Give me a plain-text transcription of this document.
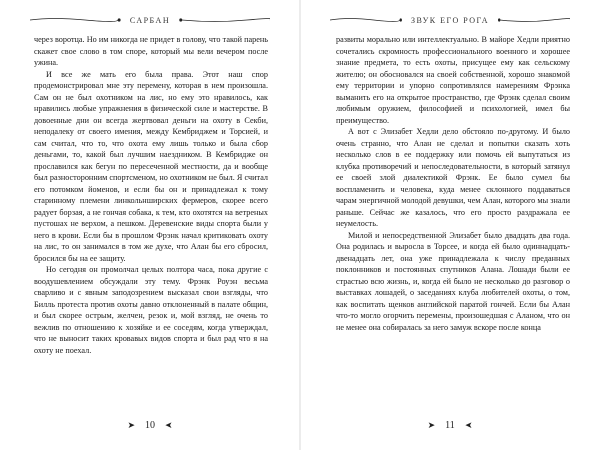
САРБАН

через воротца. Но им никогда не придет в голову, что такой парень скажет свое слово в том споре, который мы вели вечером после ужина.

И все же мать его была права. Этот наш спор продемонстрировал мне эту перемену, которая в нем произошла. Сам он не был охотником на лис, но ему это нравилось, как нравились любые упражнения в физической силе и мастерстве. В довоенные дни он всегда жертвовал деньги на охоту в Секби, неподалеку от своего имения, между Кембриджем и Торсией, и сам считал, что то, что охота ему лишь только и была сбор деньгами, то, какой был лучшим наездником. В Кембридже он прославился как бегун по пересеченной местности, да и вообще был разносторонним спортсменом, но охотником не был. Я считал его потомком йоменов, и если бы он и принадлежал к тому старинному племени линкольнширских фермеров, скорее всего радует борзая, а не гончая собака, к тем, кто охотятся на ветреных пустошах не верхом, а пешком. Деревенские виды спорта были у него в крови. Если бы в прошлом Фрэнк начал критиковать охоту на лис, то он занимался в том же духе, что Алан бы его сбросил, бросился бы на ее защиту.

Но сегодня он промолчал целых полтора часа, пока другие с воодушевлением обсуждали эту тему. Фрэнк Роуэн весьма сварливо и с явным заподозрением высказал свои взгляды, что Билль протеста против охоты давно отклоненный в палате общин, и был скорее острым, желчен, резок и, мой взгляд, не очень то вежлив по отношению к хозяйке и ее соседям, когда утверждал, что не выносит таких кровавых видов спорта и был рад что я на охоту не поехал.

➤	10	➤
ЗВУК ЕГО РОГА

развиты морально или интеллектуально. В майоре Хедли приятно сочетались скромность профессионального военного и хорошее знание предмета, то есть охоты, присущее ему как сельскому жителю; он обосновался на своей собственной, хорошо знакомой ему территории и упорно сопротивлялся намерениям Фрэнка выманить его на открытое пространство, где Фрэнк сделал своим любимым оружием, философией и психологией, имел бы преимущество.

А вот с Элизабет Хедли дело обстояло по-другому. И было очень странно, что Алан не сделал и попытки сказать хоть несколько слов в ее поддержку или помочь ей выпутаться из клубка противоречий и непоследовательности, в который затянул ее своей злой диалектикой Фрэнк. Ее было сумел бы воспламенить и человека, куда менее склонного поддаваться чарам энергичной молодой девушки, чем Алан, которого мы знали раньше. Сейчас же казалось, что его просто раздражала ее неумелость.

Милой и непосредственной Элизабет было двадцать два года. Она родилась и выросла в Торсее, и когда ей было одиннадцать-двенадцать лет, она уже принадлежала к числу преданных поклонников и постоянных спутников Алана. Лошади были ее страстью всю жизнь, и, когда ей было не несколько до разговор о выставках лошадей, о заседаниях клуба любителей охоты, о том, как воспитать щенков английской паратой гончей. Если бы Алан что-то могло огорчить перемены, произошедшая с Аланом, что он не менее она собиралась за него замуж вскоре после конца

➤	11	➤
